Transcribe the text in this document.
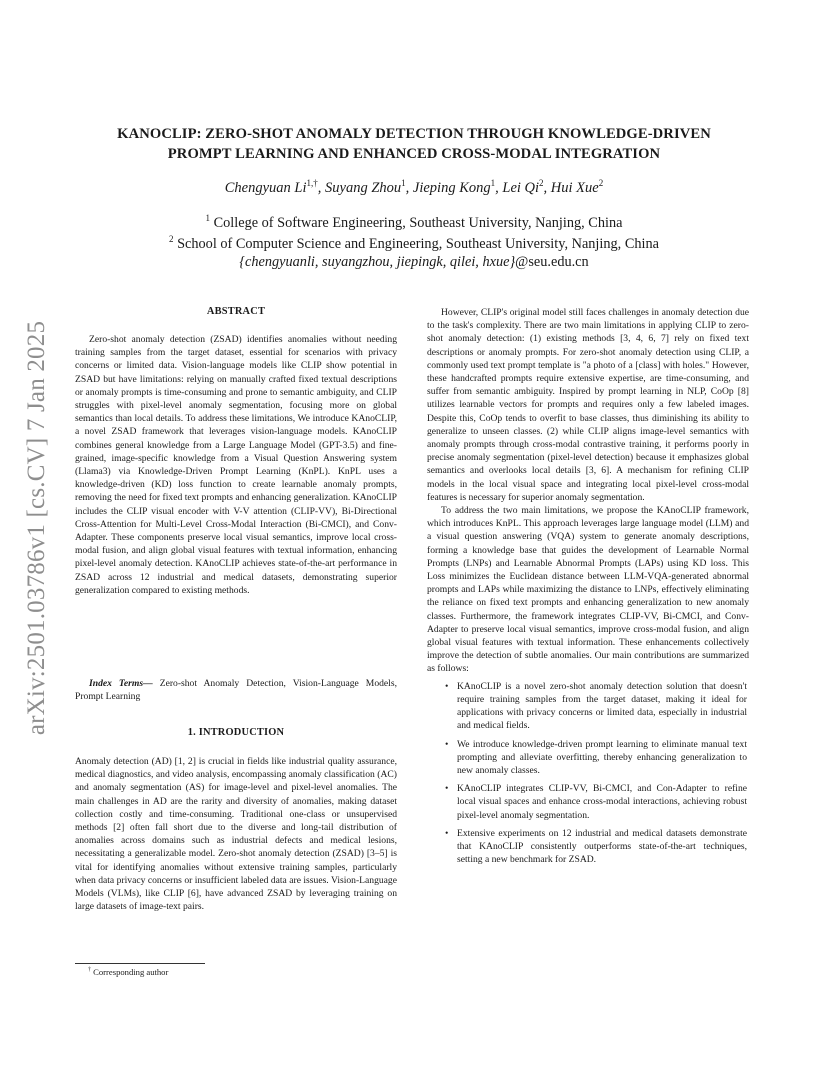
arXiv:2501.03786v1 [cs.CV] 7 Jan 2025
KANOCLIP: ZERO-SHOT ANOMALY DETECTION THROUGH KNOWLEDGE-DRIVEN
PROMPT LEARNING AND ENHANCED CROSS-MODAL INTEGRATION
Chengyuan $Li^{1,\dagger}$, Suyang Zhou$^1$, Jieping Kong$^1$, Lei Qi$^2$, Hui Xue$^2$
$^1$ College of Software Engineering, Southeast University, Nanjing, China
$^2$ School of Computer Science and Engineering, Southeast University, Nanjing, China
{chengyuanli, suyangzhou, jiepingk, qilei, hxue}@seu.edu.cn
ABSTRACT

Zero-shot anomaly detection (ZSAD) identifies anomalies without needing training samples from the target dataset, essential for scenarios with privacy concerns or limited data. Vision-language models like CLIP show potential in ZSAD but have limitations: relying on manually crafted fixed textual descriptions or anomaly prompts is time-consuming and prone to semantic ambiguity, and CLIP struggles with pixel-level anomaly segmentation, focusing more on global semantics than local details. To address these limitations, We introduce KAnoCLIP, a novel ZSAD framework that leverages vision-language models. KAnoCLIP combines general knowledge from a Large Language Model (GPT-3.5) and fine-grained, image-specific knowledge from a Visual Question Answering system (Llama3) via Knowledge-Driven Prompt Learning (KnPL). KnPL uses a knowledge-driven (KD) loss function to create learnable anomaly prompts, removing the need for fixed text prompts and enhancing generalization. KAnoCLIP includes the CLIP visual encoder with V-V attention (CLIP-VV), Bi-Directional Cross-Attention for Multi-Level Cross-Modal Interaction (Bi-CMCI), and Conv-Adapter. These components preserve local visual semantics, improve local cross-modal fusion, and align global visual features with textual information, enhancing pixel-level anomaly detection. KAnoCLIP achieves state-of-the-art performance in ZSAD across 12 industrial and medical datasets, demonstrating superior generalization compared to existing methods.

Index Terms— Zero-shot Anomaly Detection, Vision-Language Models, Prompt Learning

1. INTRODUCTION

Anomaly detection (AD) [1, 2] is crucial in fields like industrial quality assurance, medical diagnostics, and video analysis, encompassing anomaly classification (AC) and anomaly segmentation (AS) for image-level and pixel-level anomalies. The main challenges in AD are the rarity and diversity of anomalies, making dataset collection costly and time-consuming. Traditional one-class or unsupervised methods [2] often fall short due to the diverse and long-tail distribution of anomalies across domains such as industrial defects and medical lesions, necessitating a generalizable model. Zero-shot anomaly detection (ZSAD) [3–5] is vital for identifying anomalies without extensive training samples, particularly when data privacy concerns or insufficient labeled data are issues. Vision-Language Models (VLMs), like CLIP [6], have advanced ZSAD by leveraging training on large datasets of image-text pairs.

† Corresponding author

However, CLIP's original model still faces challenges in anomaly detection due to the task's complexity. There are two main limitations in applying CLIP to zero-shot anomaly detection: (1) existing methods [3, 4, 6, 7] rely on fixed text descriptions or anomaly prompts. For zero-shot anomaly detection using CLIP, a commonly used text prompt template is "a photo of a [class] with holes." However, these handcrafted prompts require extensive expertise, are time-consuming, and suffer from semantic ambiguity. Inspired by prompt learning in NLP, CoOp [8] utilizes learnable vectors for prompts and requires only a few labeled images. Despite this, CoOp tends to overfit to base classes, thus diminishing its ability to generalize to unseen classes. (2) while CLIP aligns image-level semantics with anomaly prompts through cross-modal contrastive training, it performs poorly in precise anomaly segmentation (pixel-level detection) because it emphasizes global semantics and overlooks local details [3, 6]. A mechanism for refining CLIP models in the local visual space and integrating local pixel-level cross-modal features is necessary for superior anomaly segmentation.

To address the two main limitations, we propose the KAnoCLIP framework, which introduces KnPL. This approach leverages large language model (LLM) and a visual question answering (VQA) system to generate anomaly descriptions, forming a knowledge base that guides the development of Learnable Normal Prompts (LNPs) and Learnable Abnormal Prompts (LAPs) using KD loss. This Loss minimizes the Euclidean distance between LLM-VQA-generated abnormal prompts and LAPs while maximizing the distance to LNPs, effectively eliminating the reliance on fixed text prompts and enhancing generalization to new anomaly classes. Furthermore, the framework integrates CLIP-VV, Bi-CMCI, and Conv-Adapter to preserve local visual semantics, improve cross-modal fusion, and align global visual features with textual information. These enhancements collectively improve the detection of subtle anomalies. Our main contributions are summarized as follows:

• KAnoCLIP is a novel zero-shot anomaly detection solution that doesn't require training samples from the target dataset, making it ideal for applications with privacy concerns or limited data, especially in industrial and medical fields.
• We introduce knowledge-driven prompt learning to eliminate manual text prompting and alleviate overfitting, thereby enhancing generalization to new anomaly classes.
• KAnoCLIP integrates CLIP-VV, Bi-CMCI, and Con-Adapter to refine local visual spaces and enhance cross-modal interactions, achieving robust pixel-level anomaly segmentation.
• Extensive experiments on 12 industrial and medical datasets demonstrate that KAnoCLIP consistently outperforms state-of-the-art techniques, setting a new benchmark for ZSAD.
